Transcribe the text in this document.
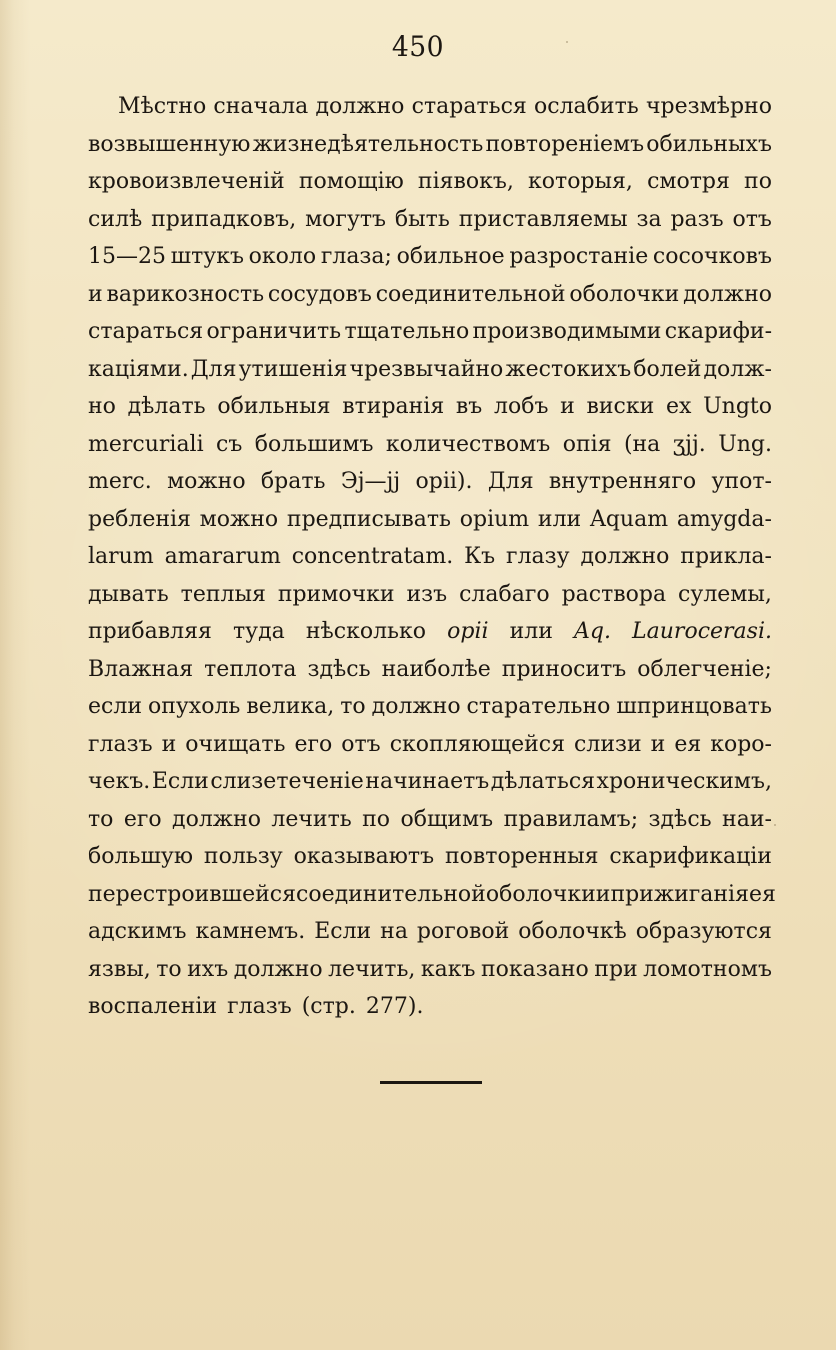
450
Мѣстно сначала должно стараться ослабить чрезмѣрно
возвышенную жизнедѣятельность повтореніемъ обильныхъ
кровоизвлеченій помощію піявокъ, которыя, смотря по
силѣ припадковъ, могутъ быть приставляемы за разъ отъ
15—25 штукъ около глаза; обильное разростаніе сосочковъ
и варикозность сосудовъ соединительной оболочки должно
стараться ограничить тщательно производимыми скарифи-
каціями. Для утишенія чрезвычайно жестокихъ болей долж-
но дѣлать обильныя втиранія въ лобъ и виски ex Ungto
mercuriali съ большимъ количествомъ опія (на ʒjj. Ung.
merc. можно брать Эj—jj opii). Для внутренняго упот-
ребленія можно предписывать opium или Aquam amygda-
larum amararum concentratam. Къ глазу должно прикла-
дывать теплыя примочки изъ слабаго раствора сулемы,
прибавляя туда нѣсколько opii или Aq. Laurocerasi.
Влажная теплота здѣсь наиболѣе приноситъ облегченіе;
если опухоль велика, то должно старательно шпринцовать
глазъ и очищать его отъ скопляющейся слизи и ея коро-
чекъ. Если слизетеченіе начинаетъ дѣлаться хроническимъ,
то его должно лечить по общимъ правиламъ; здѣсь наи-
большую пользу оказываютъ повторенныя скарификаціи
перестроившейся соединительной оболочки и прижиганія ея
адскимъ камнемъ. Если на роговой оболочкѣ образуются
язвы, то ихъ должно лечить, какъ показано при ломотномъ
воспаленіи глазъ (стр. 277).
